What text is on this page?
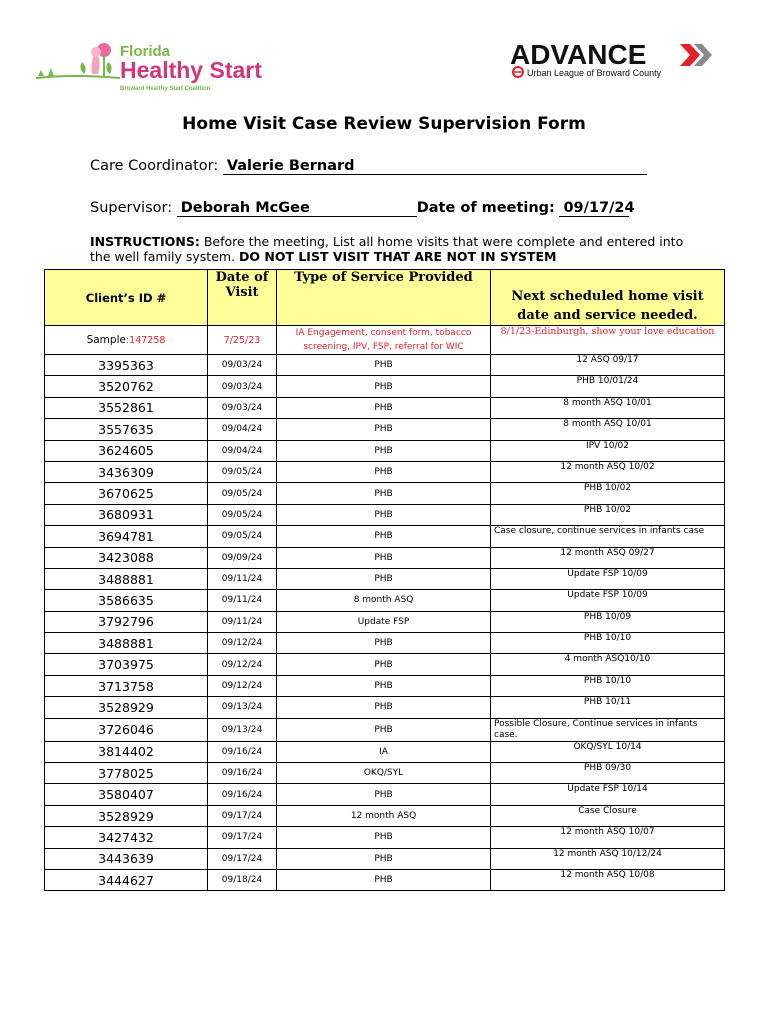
Florida
Healthy Start
Broward Healthy Start Coalition
ADVANCE
Urban League of Broward County
Home Visit Case Review Supervision Form
Care Coordinator: Valerie Bernard
Supervisor: Deborah McGee	Date of meeting: 09/17/24
INSTRUCTIONS: Before the meeting, List all home visits that were complete and entered into the well family system. DO NOT LIST VISIT THAT ARE NOT IN SYSTEM
Client’s ID #	Date of Visit	Type of Service Provided	Next scheduled home visit date and service needed.
Sample:147258	7/25/23	IA Engagement, consent form, tobacco screening, IPV, FSP, referral for WIC	8/1/23-Edinburgh, show your love education
3395363	09/03/24	PHB	12 ASQ 09/17
3520762	09/03/24	PHB	PHB 10/01/24
3552861	09/03/24	PHB	8 month ASQ 10/01
3557635	09/04/24	PHB	8 month ASQ 10/01
3624605	09/04/24	PHB	IPV 10/02
3436309	09/05/24	PHB	12 month ASQ 10/02
3670625	09/05/24	PHB	PHB 10/02
3680931	09/05/24	PHB	PHB 10/02
3694781	09/05/24	PHB	Case closure, continue services in infants case
3423088	09/09/24	PHB	12 month ASQ 09/27
3488881	09/11/24	PHB	Update FSP 10/09
3586635	09/11/24	8 month ASQ	Update FSP 10/09
3792796	09/11/24	Update FSP	PHB 10/09
3488881	09/12/24	PHB	PHB 10/10
3703975	09/12/24	PHB	4 month ASQ10/10
3713758	09/12/24	PHB	PHB 10/10
3528929	09/13/24	PHB	PHB 10/11
3726046	09/13/24	PHB	Possible Closure, Continue services in infants case.
3814402	09/16/24	IA	OKQ/SYL 10/14
3778025	09/16/24	OKQ/SYL	PHB 09/30
3580407	09/16/24	PHB	Update FSP 10/14
3528929	09/17/24	12 month ASQ	Case Closure
3427432	09/17/24	PHB	12 month ASQ 10/07
3443639	09/17/24	PHB	12 month ASQ 10/12/24
3444627	09/18/24	PHB	12 month ASQ 10/08
